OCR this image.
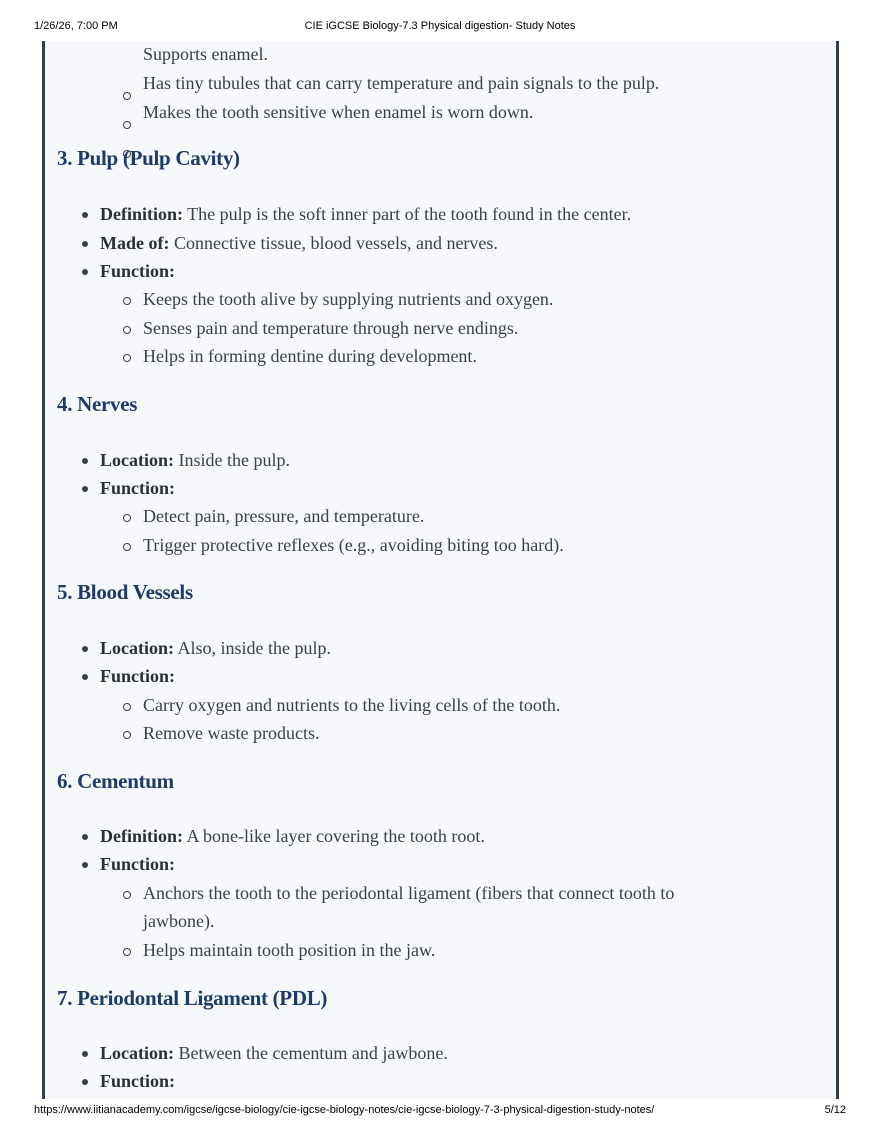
1/26/26, 7:00 PM	CIE iGCSE Biology-7.3 Physical digestion- Study Notes
Supports enamel.
Has tiny tubules that can carry temperature and pain signals to the pulp.
Makes the tooth sensitive when enamel is worn down.
3. Pulp (Pulp Cavity)
Definition: The pulp is the soft inner part of the tooth found in the center.
Made of: Connective tissue, blood vessels, and nerves.
Function:
Keeps the tooth alive by supplying nutrients and oxygen.
Senses pain and temperature through nerve endings.
Helps in forming dentine during development.
4. Nerves
Location: Inside the pulp.
Function:
Detect pain, pressure, and temperature.
Trigger protective reflexes (e.g., avoiding biting too hard).
5. Blood Vessels
Location: Also, inside the pulp.
Function:
Carry oxygen and nutrients to the living cells of the tooth.
Remove waste products.
6. Cementum
Definition: A bone-like layer covering the tooth root.
Function:
Anchors the tooth to the periodontal ligament (fibers that connect tooth to
jawbone).
Helps maintain tooth position in the jaw.
7. Periodontal Ligament (PDL)
Location: Between the cementum and jawbone.
Function:
https://www.iitianacademy.com/igcse/igcse-biology/cie-igcse-biology-notes/cie-igcse-biology-7-3-physical-digestion-study-notes/	5/12
